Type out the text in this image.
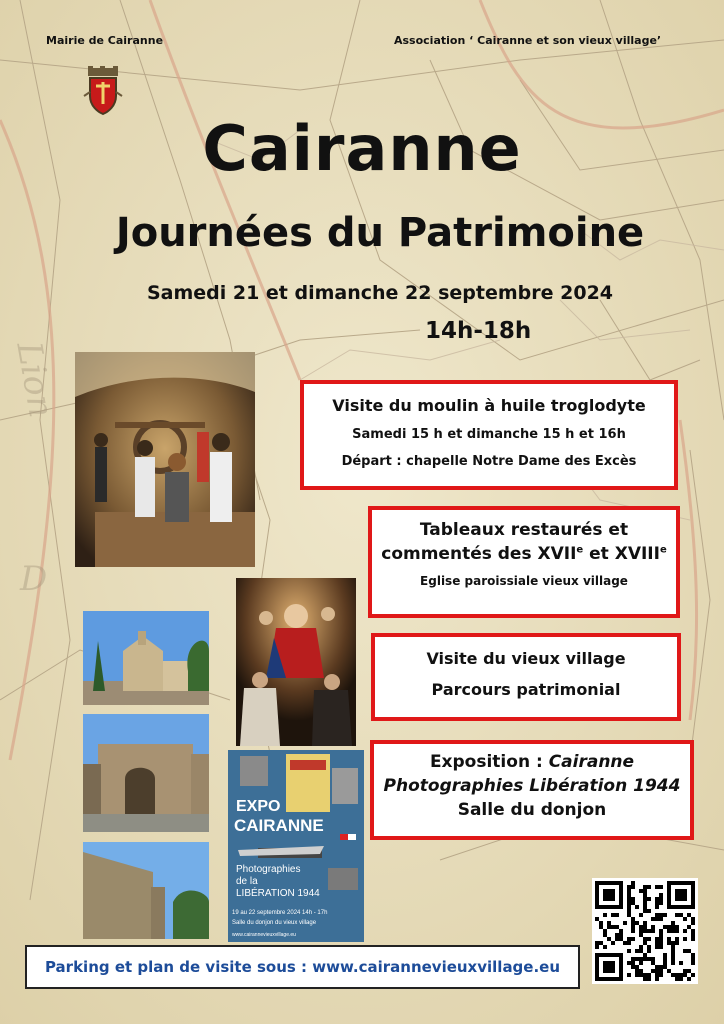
Lion
D
Mairie de Cairanne	Association ‘ Cairanne et son vieux village’
Cairanne
Journées du Patrimoine
Samedi 21 et dimanche 22 septembre 2024
14h-18h
EXPO
CAIRANNE
Photographies
de la
LIBÉRATION 1944
19 au 22 septembre 2024 14h - 17h
Salle du donjon du vieux village
www.cairannevieuxvillage.eu
Visite du moulin à huile troglodyte
Samedi 15 h et dimanche 15 h et 16h
Départ : chapelle Notre Dame des Excès
Tableaux restaurés et
commentés des XVIIe et XVIIIe
Eglise paroissiale vieux village
Visite du vieux village
Parcours patrimonial
Exposition : Cairanne
Photographies Libération 1944
Salle du donjon
Parking et plan de visite sous : www.cairannevieuxvillage.eu
